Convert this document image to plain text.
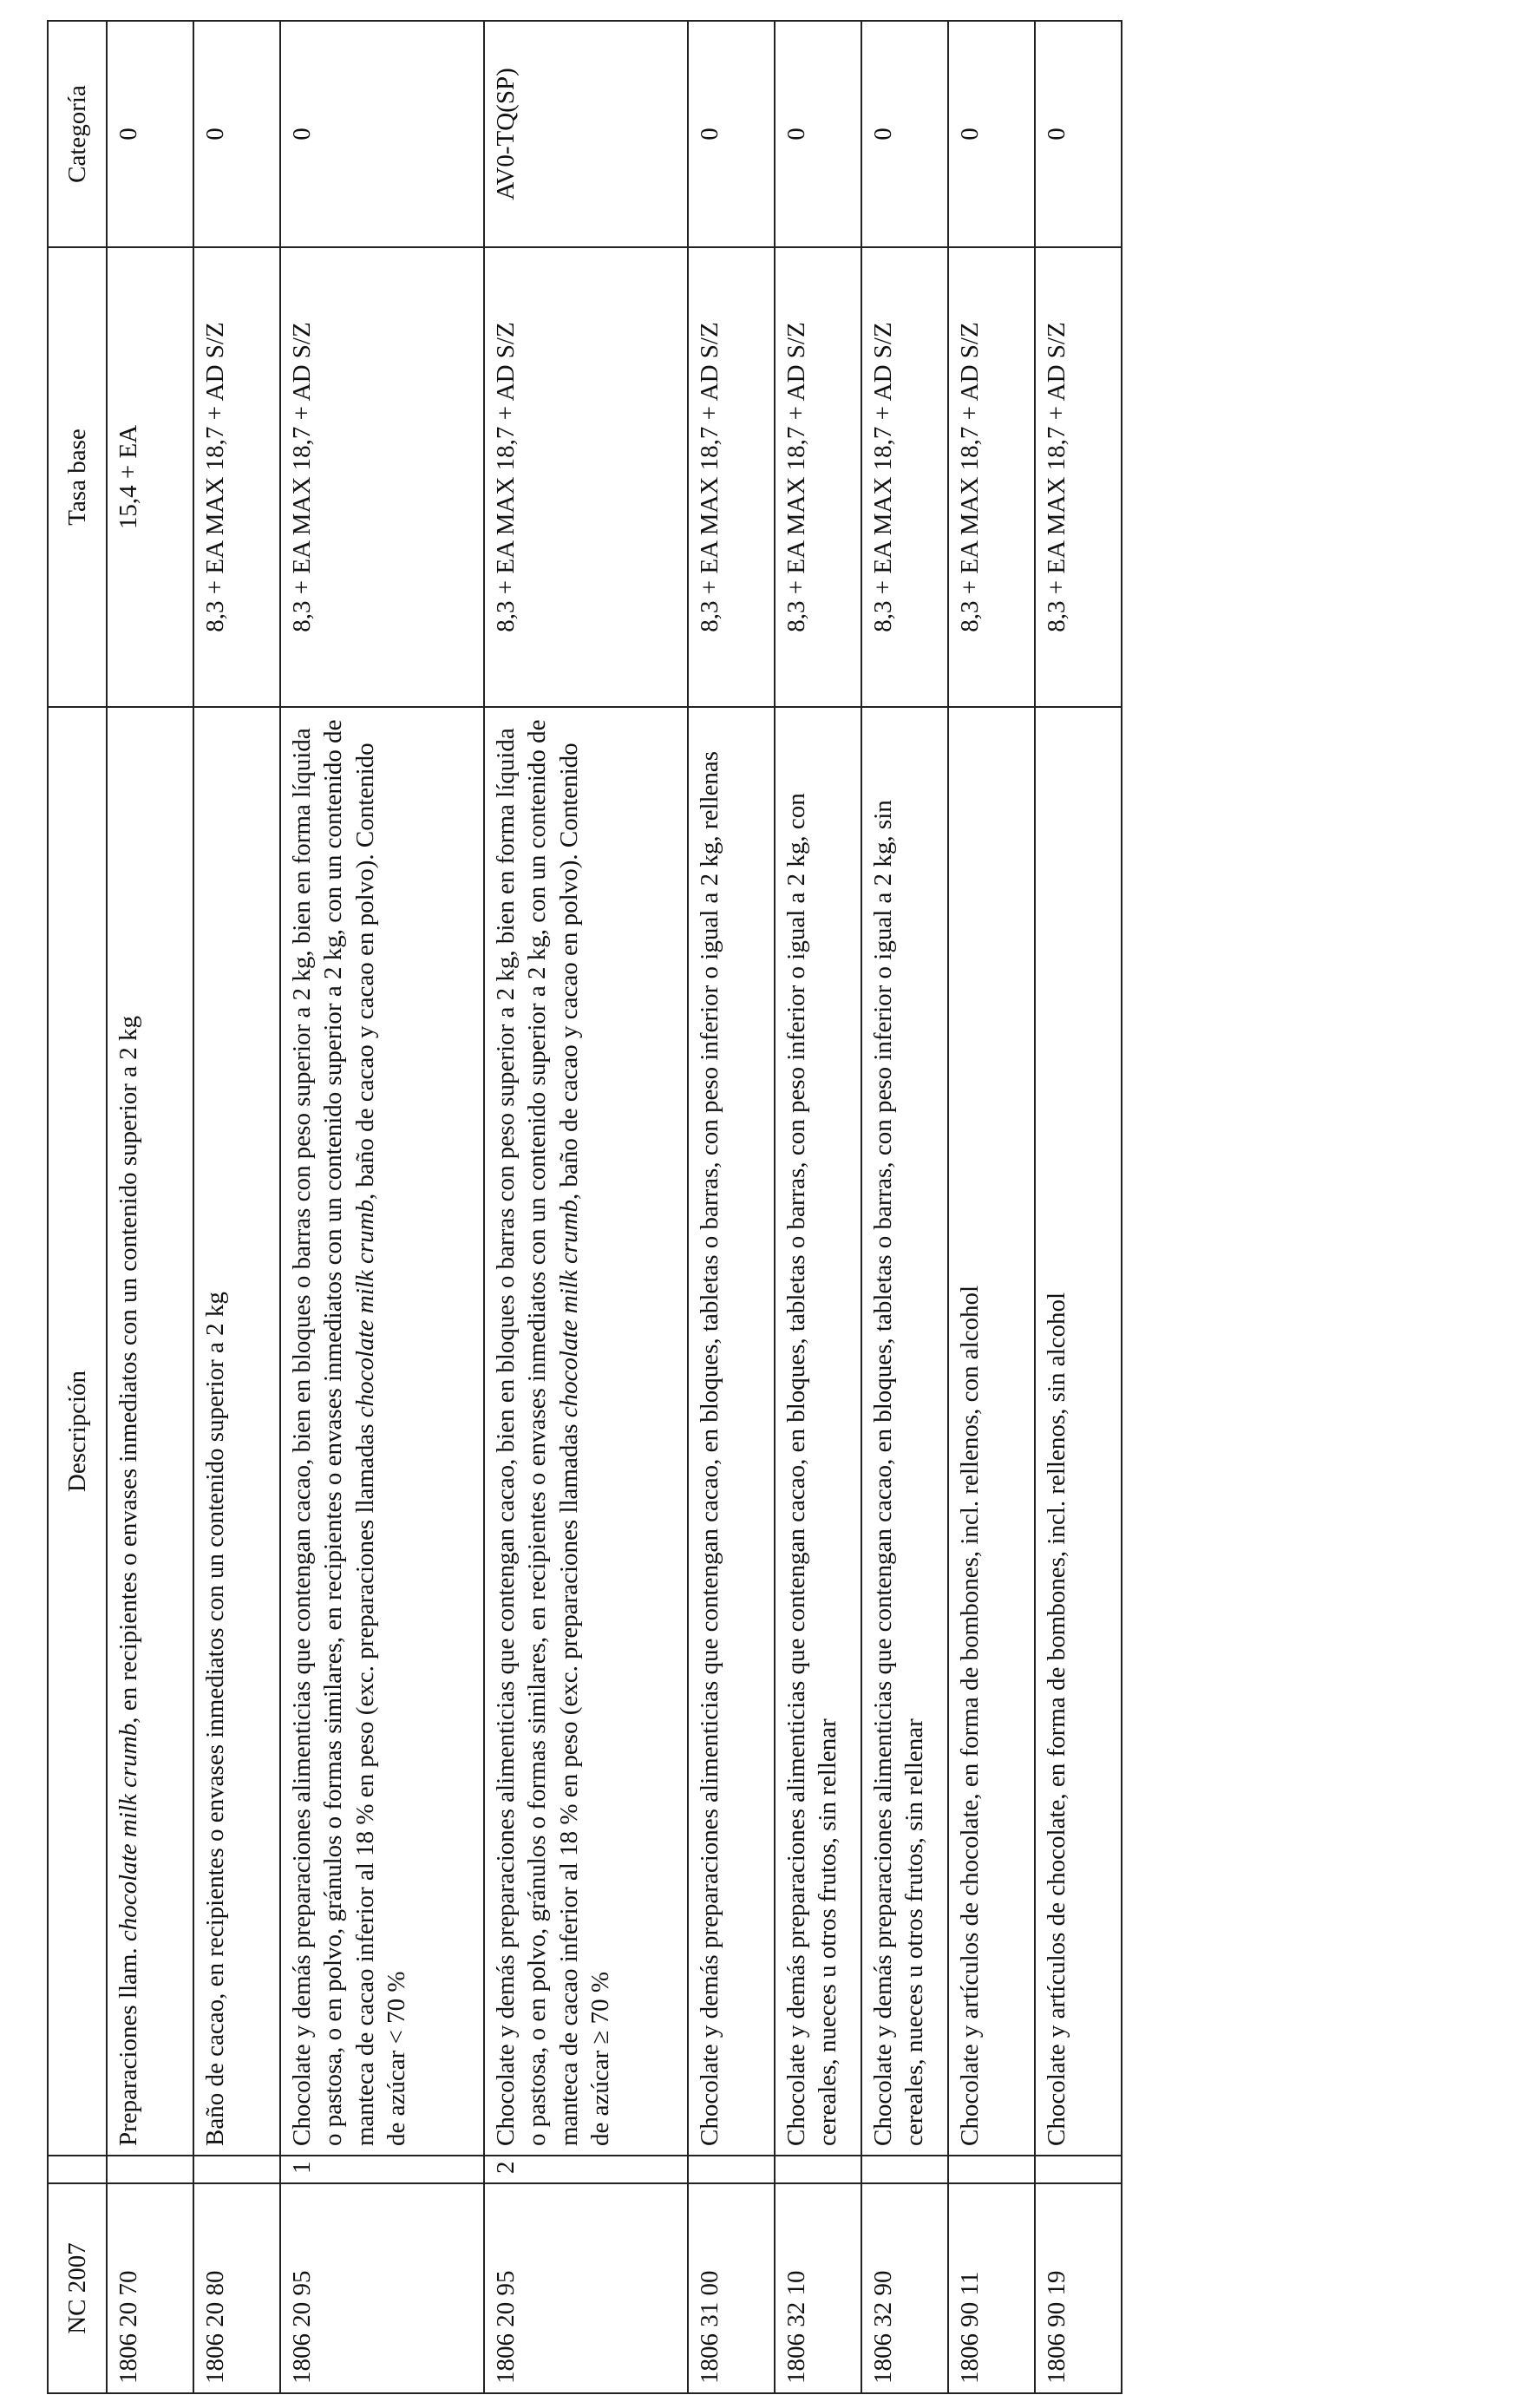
NC 2007		Descripción	Tasa base	Categoría
1806 20 70		Preparaciones llam. chocolate milk crumb, en recipientes o envases inmediatos con un contenido superior a 2 kg	15,4 + EA	0
1806 20 80		Baño de cacao, en recipientes o envases inmediatos con un contenido superior a 2 kg	8,3 + EA MAX 18,7 + AD S/Z	0
1806 20 95	1	Chocolate y demás preparaciones alimenticias que contengan cacao, bien en bloques o barras con peso superior a 2 kg, bien en forma líquida o pastosa, o en polvo, gránulos o formas similares, en recipientes o envases inmediatos con un contenido superior a 2 kg, con un contenido de manteca de cacao inferior al 18 % en peso (exc. preparaciones llamadas chocolate milk crumb, baño de cacao y cacao en polvo). Contenido de azúcar < 70 %	8,3 + EA MAX 18,7 + AD S/Z	0
1806 20 95	2	Chocolate y demás preparaciones alimenticias que contengan cacao, bien en bloques o barras con peso superior a 2 kg, bien en forma líquida o pastosa, o en polvo, gránulos o formas similares, en recipientes o envases inmediatos con un contenido superior a 2 kg, con un contenido de manteca de cacao inferior al 18 % en peso (exc. preparaciones llamadas chocolate milk crumb, baño de cacao y cacao en polvo). Contenido de azúcar ≥ 70 %	8,3 + EA MAX 18,7 + AD S/Z	AV0-TQ(SP)
1806 31 00		Chocolate y demás preparaciones alimenticias que contengan cacao, en bloques, tabletas o barras, con peso inferior o igual a 2 kg, rellenas	8,3 + EA MAX 18,7 + AD S/Z	0
1806 32 10		Chocolate y demás preparaciones alimenticias que contengan cacao, en bloques, tabletas o barras, con peso inferior o igual a 2 kg, con cereales, nueces u otros frutos, sin rellenar	8,3 + EA MAX 18,7 + AD S/Z	0
1806 32 90		Chocolate y demás preparaciones alimenticias que contengan cacao, en bloques, tabletas o barras, con peso inferior o igual a 2 kg, sin cereales, nueces u otros frutos, sin rellenar	8,3 + EA MAX 18,7 + AD S/Z	0
1806 90 11		Chocolate y artículos de chocolate, en forma de bombones, incl. rellenos, con alcohol	8,3 + EA MAX 18,7 + AD S/Z	0
1806 90 19		Chocolate y artículos de chocolate, en forma de bombones, incl. rellenos, sin alcohol	8,3 + EA MAX 18,7 + AD S/Z	0
